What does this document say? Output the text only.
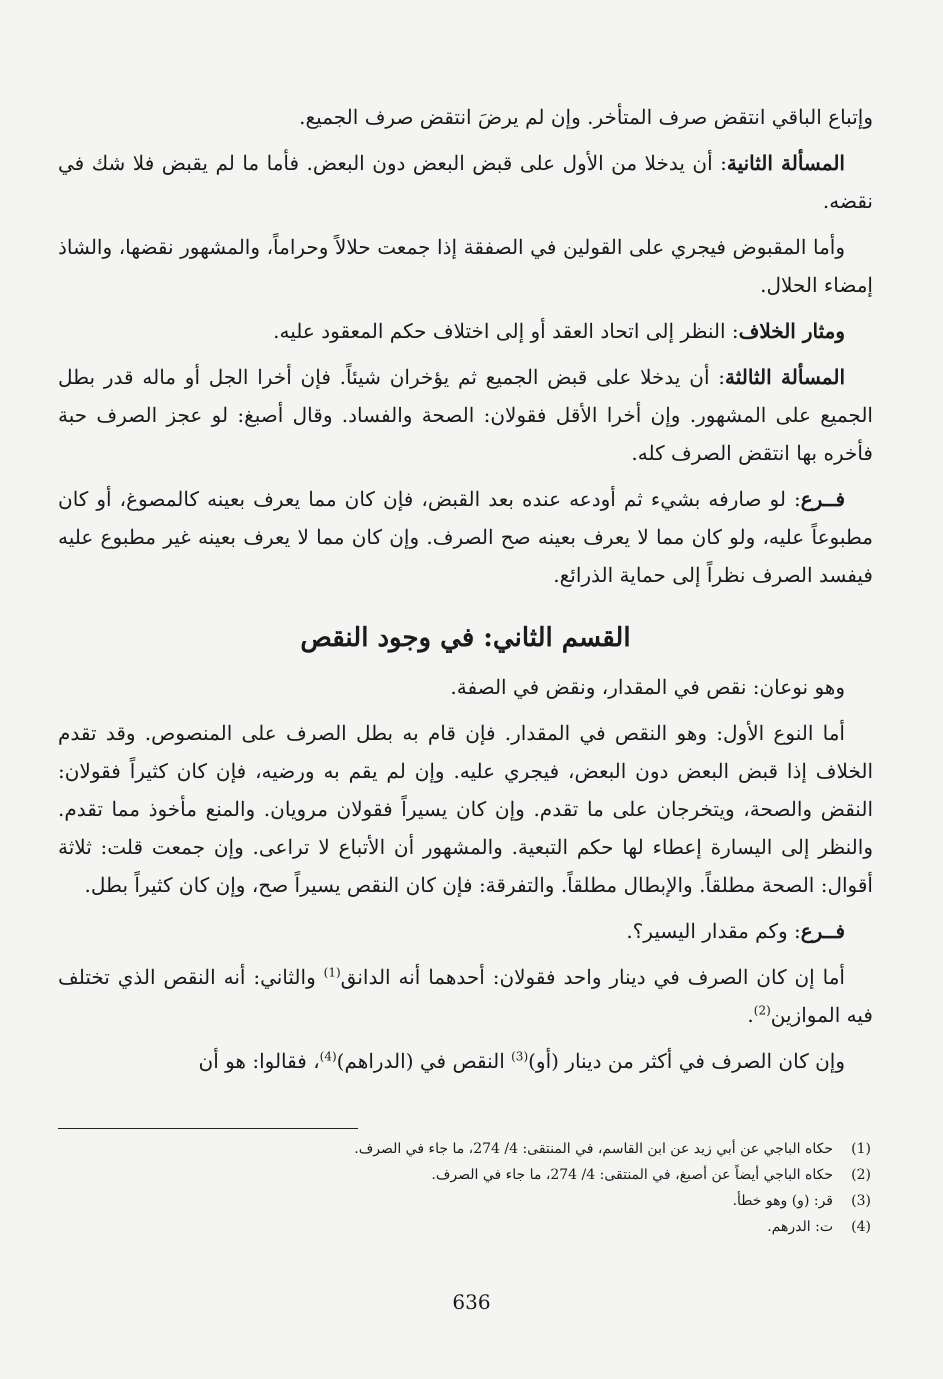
وإتباع الباقي انتقض صرف المتأخر. وإن لم يرضَ انتقض صرف الجميع.

المسألة الثانية: أن يدخلا من الأول على قبض البعض دون البعض. فأما ما لم يقبض فلا شك في نقضه.

وأما المقبوض فيجري على القولين في الصفقة إذا جمعت حلالاً وحراماً، والمشهور نقضها، والشاذ إمضاء الحلال.

ومثار الخلاف: النظر إلى اتحاد العقد أو إلى اختلاف حكم المعقود عليه.

المسألة الثالثة: أن يدخلا على قبض الجميع ثم يؤخران شيئاً. فإن أخرا الجل أو ماله قدر بطل الجميع على المشهور. وإن أخرا الأقل فقولان: الصحة والفساد. وقال أصبغ: لو عجز الصرف حبة فأخره بها انتقض الصرف كله.

فــرع: لو صارفه بشيء ثم أودعه عنده بعد القبض، فإن كان مما يعرف بعينه كالمصوغ، أو كان مطبوعاً عليه، ولو كان مما لا يعرف بعينه صح الصرف. وإن كان مما لا يعرف بعينه غير مطبوع عليه فيفسد الصرف نظراً إلى حماية الذرائع.

القسم الثاني: في وجود النقص

وهو نوعان: نقص في المقدار، ونقض في الصفة.

أما النوع الأول: وهو النقص في المقدار. فإن قام به بطل الصرف على المنصوص. وقد تقدم الخلاف إذا قبض البعض دون البعض، فيجري عليه. وإن لم يقم به ورضيه، فإن كان كثيراً فقولان: النقض والصحة، ويتخرجان على ما تقدم. وإن كان يسيراً فقولان مرويان. والمنع مأخوذ مما تقدم. والنظر إلى اليسارة إعطاء لها حكم التبعية. والمشهور أن الأتباع لا تراعى. وإن جمعت قلت: ثلاثة أقوال: الصحة مطلقاً. والإبطال مطلقاً. والتفرقة: فإن كان النقص يسيراً صح، وإن كان كثيراً بطل.

فــرع: وكم مقدار اليسير؟.

أما إن كان الصرف في دينار واحد فقولان: أحدهما أنه الدانق$^{(1)}$ والثاني: أنه النقص الذي تختلف فيه الموازين$^{(2)}$.

وإن كان الصرف في أكثر من دينار (أو)$^{(3)}$ النقص في (الدراهم)$^{(4)}$، فقالوا: هو أن

(1)
حكاه الباجي عن أبي زيد عن ابن القاسم، في المنتقى: 4/ 274، ما جاء في الصرف.
(2)
حكاه الباجي أيضاً عن أصبغ، في المنتقى: 4/ 274، ما جاء في الصرف.
(3)
قر: (و) وهو خطأ.
(4)
ت: الدرهم.
636
